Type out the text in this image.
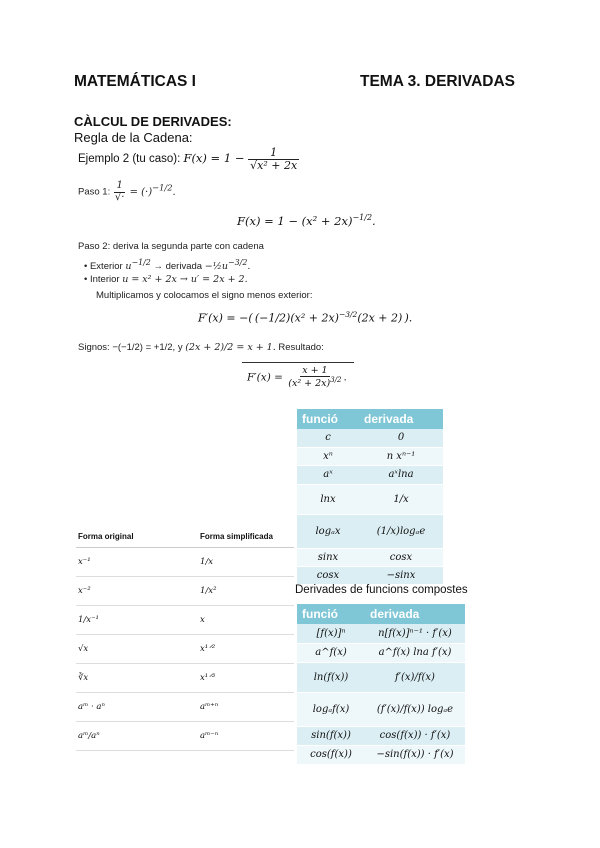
MATEMÁTICAS I	TEMA 3. DERIVADAS
CÀLCUL DE DERIVADES:
Regla de la Cadena:
Ejemplo 2 (tu caso): $F(x) = 1 - \frac{1}{\text{√x² + 2x}}$
Paso 1: $\frac{1}{√\cdot} = (\cdot)^{-1/2}$.
$F(x) = 1 - (x^2 + 2x)^{-1/2}$.
Paso 2: deriva la segunda parte con cadena
• Exterior $u^{-1/2}$ → derivada $-\frac{1}{2}u^{-3/2}$.
• Interior u = x² + 2x → u′ = 2x + 2.
Multiplicamos y colocamos el signo menos exterior:
F′(x) = −( $(-1/2)(x^2 + 2x)^{-3/2}(2x + 2)$ ).
Signos: −(−1/2) = +1/2, y (2x + 2)/2 = x + 1. Resultado:
$F'(x) = \frac{x + 1}{(x^2 + 2x)^{3/2}}$ .
funció	derivada
c	0
xⁿ	n xⁿ⁻¹
aˣ	aˣlna
lnx	1/x
logₐx	(1/x)logₐe
sinx	cosx
cosx	−sinx
Forma original	Forma simplificada
x⁻¹	1/x
x⁻²	1/x²
1/x⁻¹	x
√x	x¹ᐟ²
∛x	x¹ᐟ³
aᵐ · aⁿ	aᵐ⁺ⁿ
aᵐ/aⁿ	aᵐ⁻ⁿ
Derivades de funcions compostes
funció	derivada
[f(x)]ⁿ	n[f(x)]ⁿ⁻¹ · f′(x)
a^f(x)	a^f(x) lna f′(x)
ln(f(x))	f′(x)/f(x)
logₐf(x)	(f′(x)/f(x)) logₐe
sin(f(x))	cos(f(x)) · f′(x)
cos(f(x))	−sin(f(x)) · f′(x)
